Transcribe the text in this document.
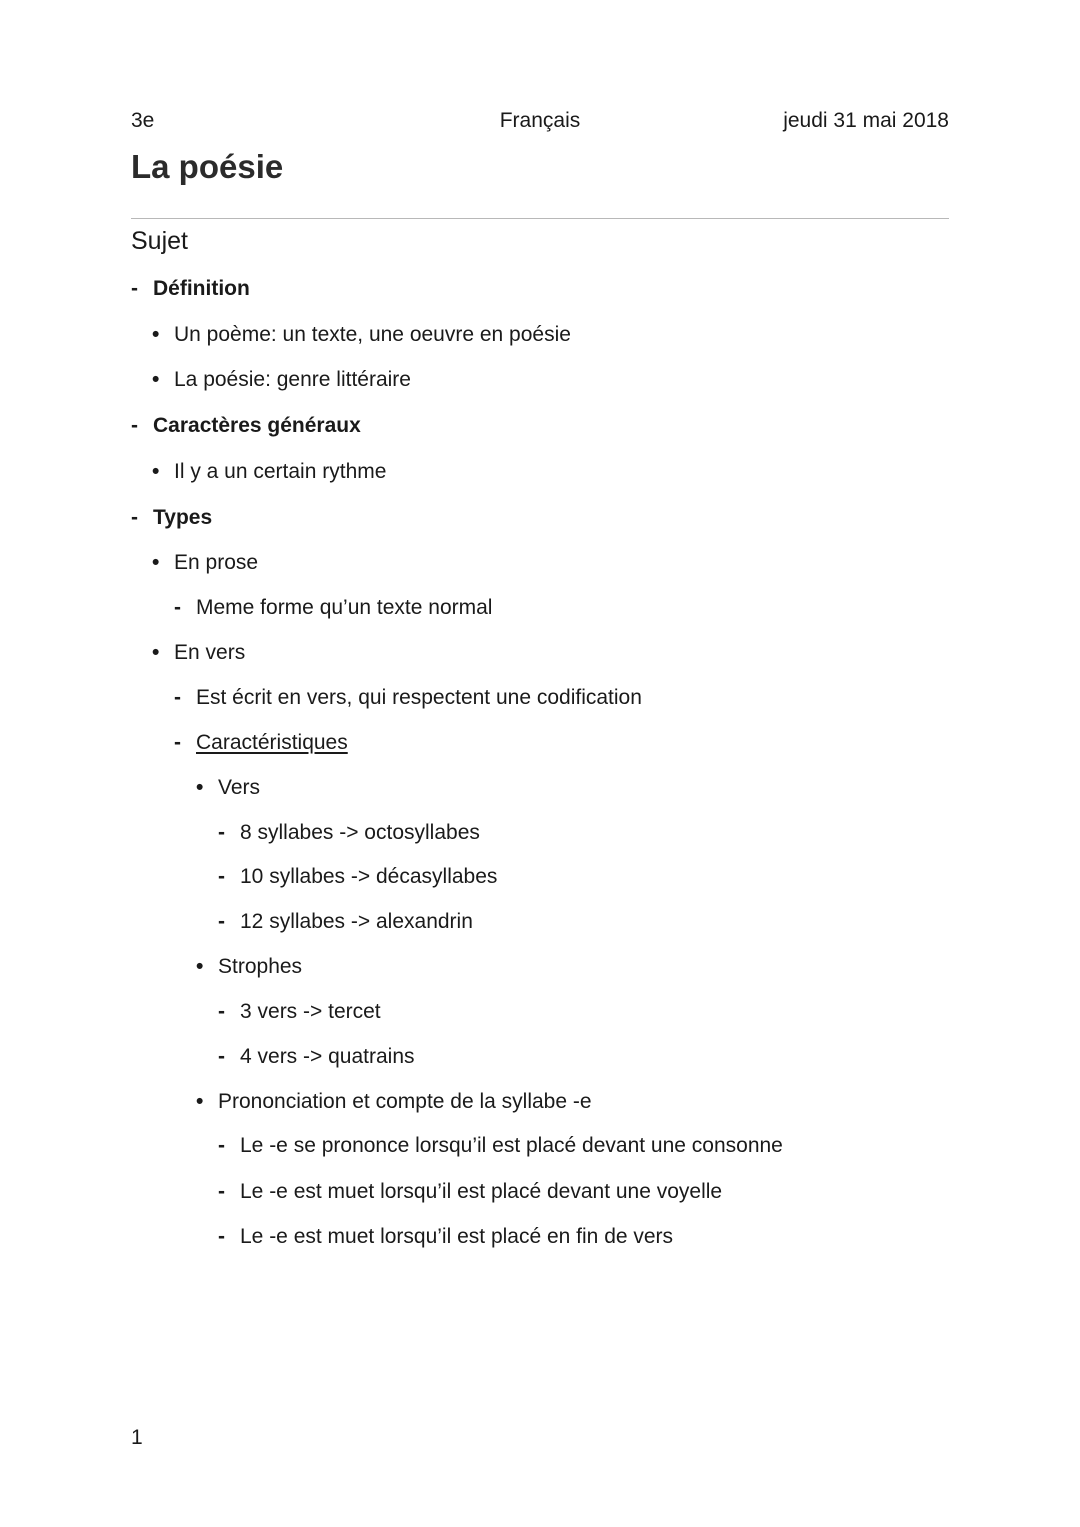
3e	Français	jeudi 31 mai 2018
La poésie
Sujet
- Définition
• Un poème: un texte, une oeuvre en poésie
• La poésie: genre littéraire
- Caractères généraux
• Il y a un certain rythme
- Types
• En prose
- Meme forme qu’un texte normal
• En vers
- Est écrit en vers, qui respectent une codification
- Caractéristiques
• Vers
- 8 syllabes -> octosyllabes
- 10 syllabes -> décasyllabes
- 12 syllabes -> alexandrin
• Strophes
- 3 vers -> tercet
- 4 vers -> quatrains
• Prononciation et compte de la syllabe -e
- Le -e se prononce lorsqu’il est placé devant une consonne
- Le -e est muet lorsqu’il est placé devant une voyelle
- Le -e est muet lorsqu’il est placé en fin de vers
1
